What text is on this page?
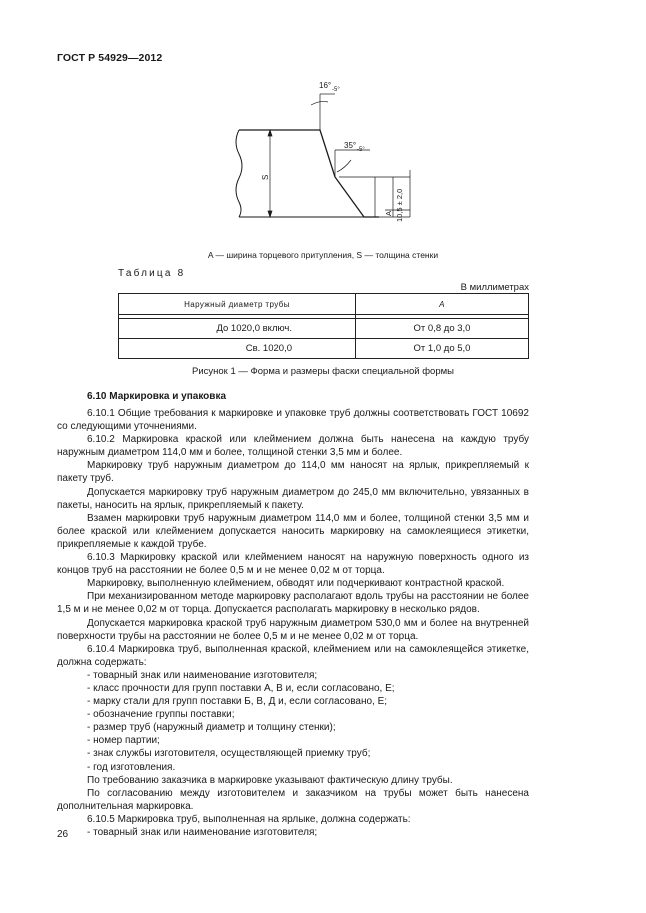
ГОСТ Р 54929—2012
16° -5°
35° -5°
S
10,5 ± 2,0
A
A — ширина торцевого притупления, S — толщина стенки
Таблица 8
В миллиметрах
Наружный диаметр трубы	A

До 1020,0 включ.	От 0,8 до 3,0
Св. 1020,0	От 1,0 до 5,0
Рисунок 1 — Форма и размеры фаски специальной формы
6.10 Маркировка и упаковка

6.10.1 Общие требования к маркировке и упаковке труб должны соответствовать ГОСТ 10692 со следующими уточнениями.

6.10.2 Маркировка краской или клеймением должна быть нанесена на каждую трубу наружным диаметром 114,0 мм и более, толщиной стенки 3,5 мм и более.

Маркировку труб наружным диаметром до 114,0 мм наносят на ярлык, прикрепляемый к пакету труб.

Допускается маркировку труб наружным диаметром до 245,0 мм включительно, увязанных в пакеты, наносить на ярлык, прикрепляемый к пакету.

Взамен маркировки труб наружным диаметром 114,0 мм и более, толщиной стенки 3,5 мм и более краской или клеймением допускается наносить маркировку на самоклеящиеся этикетки, прикрепляемые к каждой трубе.

6.10.3 Маркировку краской или клеймением наносят на наружную поверхность одного из концов труб на расстоянии не более 0,5 м и не менее 0,02 м от торца.

Маркировку, выполненную клеймением, обводят или подчеркивают контрастной краской.

При механизированном методе маркировку располагают вдоль трубы на расстоянии не более 1,5 м и не менее 0,02 м от торца. Допускается располагать маркировку в несколько рядов.

Допускается маркировка краской труб наружным диаметром 530,0 мм и более на внутренней поверхности трубы на расстоянии не более 0,5 м и не менее 0,02 м от торца.

6.10.4 Маркировка труб, выполненная краской, клеймением или на самоклеящейся этикетке, должна содержать:

- товарный знак или наименование изготовителя;

- класс прочности для групп поставки А, В и, если согласовано, Е;

- марку стали для групп поставки Б, В, Д и, если согласовано, Е;

- обозначение группы поставки;

- размер труб (наружный диаметр и толщину стенки);

- номер партии;

- знак службы изготовителя, осуществляющей приемку труб;

- год изготовления.

По требованию заказчика в маркировке указывают фактическую длину трубы.

По согласованию между изготовителем и заказчиком на трубы может быть нанесена дополнительная маркировка.

6.10.5 Маркировка труб, выполненная на ярлыке, должна содержать:

- товарный знак или наименование изготовителя;

26
